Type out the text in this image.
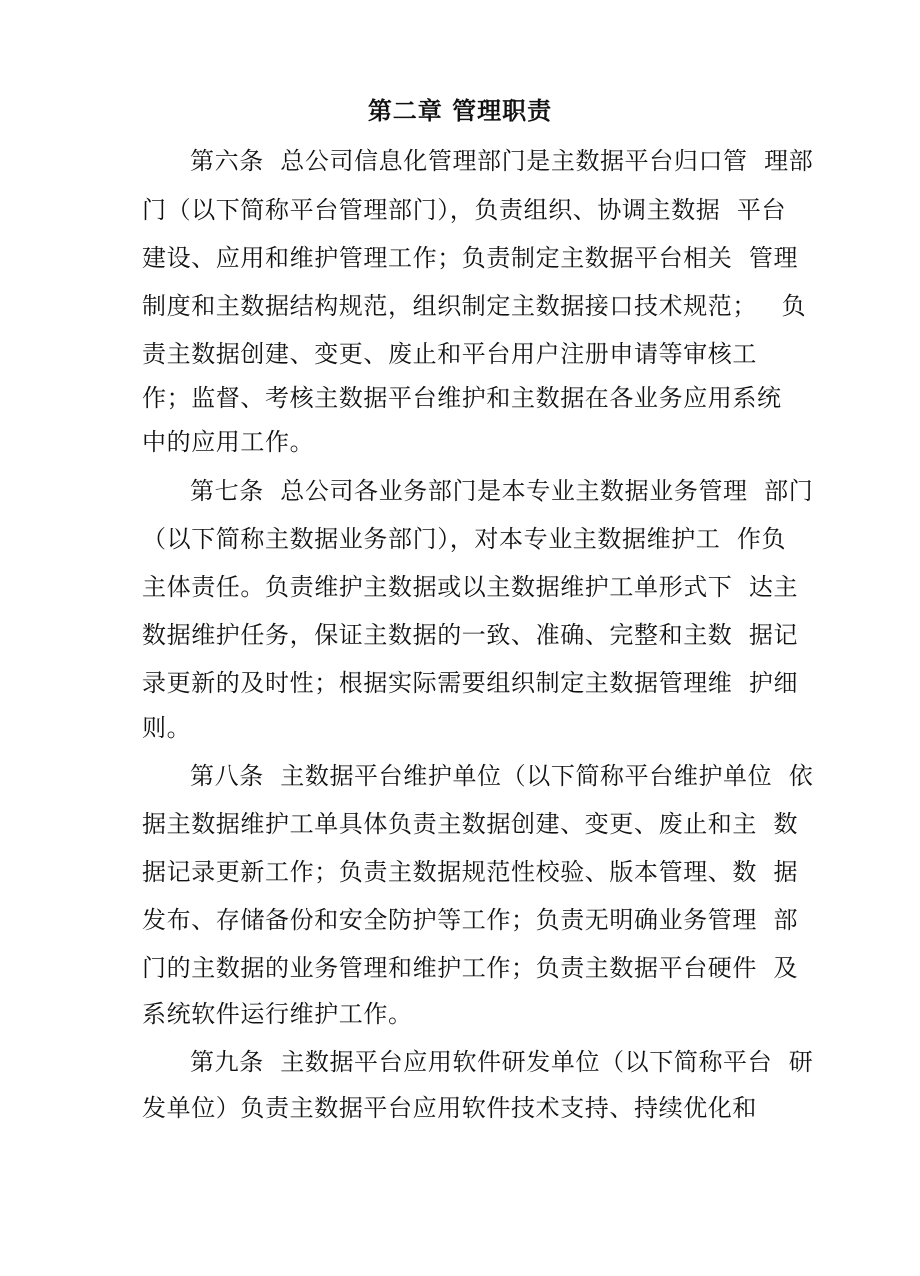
第二章 管理职责
第六条  总公司信息化管理部门是主数据平台归口管  理部
门（以下简称平台管理部门），负责组织、协调主数据  平台
建设、应用和维护管理工作；负责制定主数据平台相关  管理
制度和主数据结构规范，组织制定主数据接口技术规范；   负
责主数据创建、变更、废止和平台用户注册申请等审核工
作；监督、考核主数据平台维护和主数据在各业务应用系统
中的应用工作。
第七条  总公司各业务部门是本专业主数据业务管理  部门
（以下简称主数据业务部门），对本专业主数据维护工  作负
主体责任。负责维护主数据或以主数据维护工单形式下  达主
数据维护任务，保证主数据的一致、准确、完整和主数  据记
录更新的及时性；根据实际需要组织制定主数据管理维  护细
则。
第八条  主数据平台维护单位（以下简称平台维护单位  依
据主数据维护工单具体负责主数据创建、变更、废止和主  数
据记录更新工作；负责主数据规范性校验、版本管理、数  据
发布、存储备份和安全防护等工作；负责无明确业务管理  部
门的主数据的业务管理和维护工作；负责主数据平台硬件  及
系统软件运行维护工作。
第九条  主数据平台应用软件研发单位（以下简称平台  研
发单位）负责主数据平台应用软件技术支持、持续优化和
